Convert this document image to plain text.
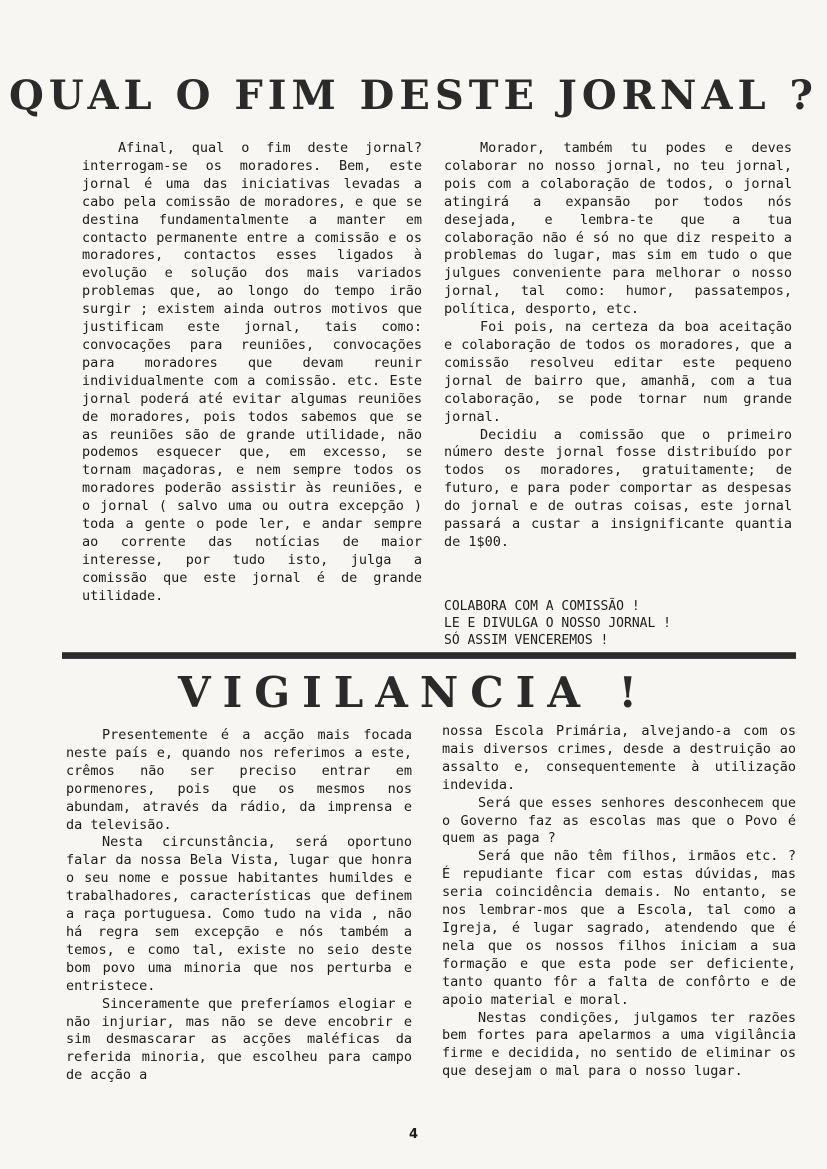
QUAL O FIM DESTE JORNAL ?

Afinal, qual o fim deste jornal? interrogam-se os moradores. Bem, este jornal é uma das iniciativas levadas a cabo pela comissão de moradores, e que se destina fundamentalmente a manter em contacto permanente entre a comissão e os moradores, contactos esses ligados à evolução e solução dos mais variados problemas que, ao longo do tempo irão surgir ; existem ainda outros motivos que justificam este jornal, tais como: convocações para reuniões, convocações para moradores que devam reunir individualmente com a comissão. etc. Este jornal poderá até evitar algumas reuniões de moradores, pois todos sabemos que se as reuniões são de grande utilidade, não podemos esquecer que, em excesso, se tornam maçadoras, e nem sempre todos os moradores poderão assistir às reuniões, e o jornal ( salvo uma ou outra excepção ) toda a gente o pode ler, e andar sempre ao corrente das notícias de maior interesse, por tudo isto, julga a comissão que este jornal é de grande utilidade.

Morador, também tu podes e deves colaborar no nosso jornal, no teu jornal, pois com a colaboração de todos, o jornal atingirá a expansão por todos nós desejada, e lembra-te que a tua colaboração não é só no que diz respeito a problemas do lugar, mas sim em tudo o que julgues conveniente para melhorar o nosso jornal, tal como: humor, passatempos, política, desporto, etc.

Foi pois, na certeza da boa aceitação e colaboração de todos os moradores, que a comissão resolveu editar este pequeno jornal de bairro que, amanhã, com a tua colaboração, se pode tornar num grande jornal.

Decidiu a comissão que o primeiro número deste jornal fosse distribuído por todos os moradores, gratuitamente; de futuro, e para poder comportar as despesas do jornal e de outras coisas, este jornal passará a custar a insignificante quantia de 1$00.

COLABORA COM A COMISSÃO !
LE E DIVULGA O NOSSO JORNAL !
SÓ ASSIM VENCEREMOS !
VIGILANCIA !

Presentemente é a acção mais focada neste país e, quando nos referimos a este, crêmos não ser preciso entrar em pormenores, pois que os mesmos nos abundam, através da rádio, da imprensa e da televisão.

Nesta circunstância, será oportuno falar da nossa Bela Vista, lugar que honra o seu nome e possue habitantes humildes e trabalhadores, características que definem a raça portuguesa. Como tudo na vida , não há regra sem excepção e nós também a temos, e como tal, existe no seio deste bom povo uma minoria que nos perturba e entristece.

Sinceramente que preferíamos elogiar e não injuriar, mas não se deve encobrir e sim desmascarar as acções maléficas da referida minoria, que escolheu para campo de acção a

nossa Escola Primária, alvejando-a com os mais diversos crimes, desde a destruição ao assalto e, consequentemente à utilização indevida.

Será que esses senhores desconhecem que o Governo faz as escolas mas que o Povo é quem as paga ?

Será que não têm filhos, irmãos etc. ? É repudiante ficar com estas dúvidas, mas seria coincidência demais. No entanto, se nos lembrar-mos que a Escola, tal como a Igreja, é lugar sagrado, atendendo que é nela que os nossos filhos iniciam a sua formação e que esta pode ser deficiente, tanto quanto fôr a falta de confôrto e de apoio material e moral.

Nestas condições, julgamos ter razões bem fortes para apelarmos a uma vigilância firme e decidida, no sentido de eliminar os que desejam o mal para o nosso lugar.

4
